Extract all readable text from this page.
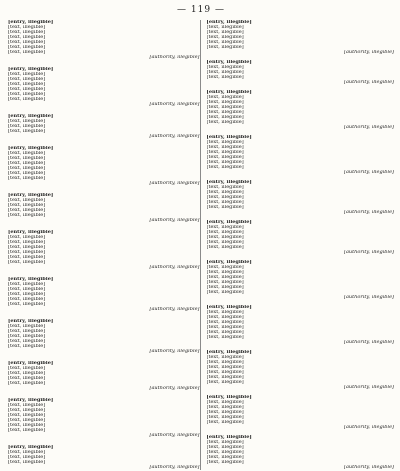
— 119 —
[entry, illegible]
[text, illegible]
[text, illegible]
[text, illegible]
[text, illegible]
[text, illegible]
[text, illegible]
[authority, illegible]
[entry, illegible]
[text, illegible]
[text, illegible]
[text, illegible]
[text, illegible]
[text, illegible]
[text, illegible]
[authority, illegible]
[entry, illegible]
[text, illegible]
[text, illegible]
[text, illegible]
[authority, illegible]
[entry, illegible]
[text, illegible]
[text, illegible]
[text, illegible]
[text, illegible]
[text, illegible]
[text, illegible]
[authority, illegible]
[entry, illegible]
[text, illegible]
[text, illegible]
[text, illegible]
[text, illegible]
[authority, illegible]
[entry, illegible]
[text, illegible]
[text, illegible]
[text, illegible]
[text, illegible]
[text, illegible]
[text, illegible]
[authority, illegible]
[entry, illegible]
[text, illegible]
[text, illegible]
[text, illegible]
[text, illegible]
[text, illegible]
[authority, illegible]
[entry, illegible]
[text, illegible]
[text, illegible]
[text, illegible]
[text, illegible]
[text, illegible]
[authority, illegible]
[entry, illegible]
[text, illegible]
[text, illegible]
[text, illegible]
[text, illegible]
[authority, illegible]
[entry, illegible]
[text, illegible]
[text, illegible]
[text, illegible]
[text, illegible]
[text, illegible]
[text, illegible]
[authority, illegible]
[entry, illegible]
[text, illegible]
[text, illegible]
[text, illegible]
[authority, illegible]
[entry, illegible]
[text, illegible]
[text, illegible]
[text, illegible]
[text, illegible]
[text, illegible]
[authority, illegible]
[entry, illegible]
[text, illegible]
[text, illegible]
[text, illegible]
[authority, illegible]
[entry, illegible]
[text, illegible]
[text, illegible]
[text, illegible]
[text, illegible]
[text, illegible]
[text, illegible]
[authority, illegible]
[entry, illegible]
[text, illegible]
[text, illegible]
[text, illegible]
[text, illegible]
[text, illegible]
[text, illegible]
[authority, illegible]
[entry, illegible]
[text, illegible]
[text, illegible]
[text, illegible]
[text, illegible]
[text, illegible]
[authority, illegible]
[entry, illegible]
[text, illegible]
[text, illegible]
[text, illegible]
[text, illegible]
[text, illegible]
[authority, illegible]
[entry, illegible]
[text, illegible]
[text, illegible]
[text, illegible]
[text, illegible]
[text, illegible]
[text, illegible]
[authority, illegible]
[entry, illegible]
[text, illegible]
[text, illegible]
[text, illegible]
[text, illegible]
[text, illegible]
[text, illegible]
[authority, illegible]
[entry, illegible]
[text, illegible]
[text, illegible]
[text, illegible]
[text, illegible]
[text, illegible]
[text, illegible]
[authority, illegible]
[entry, illegible]
[text, illegible]
[text, illegible]
[text, illegible]
[text, illegible]
[text, illegible]
[authority, illegible]
[entry, illegible]
[text, illegible]
[text, illegible]
[text, illegible]
[text, illegible]
[text, illegible]
[authority, illegible]
